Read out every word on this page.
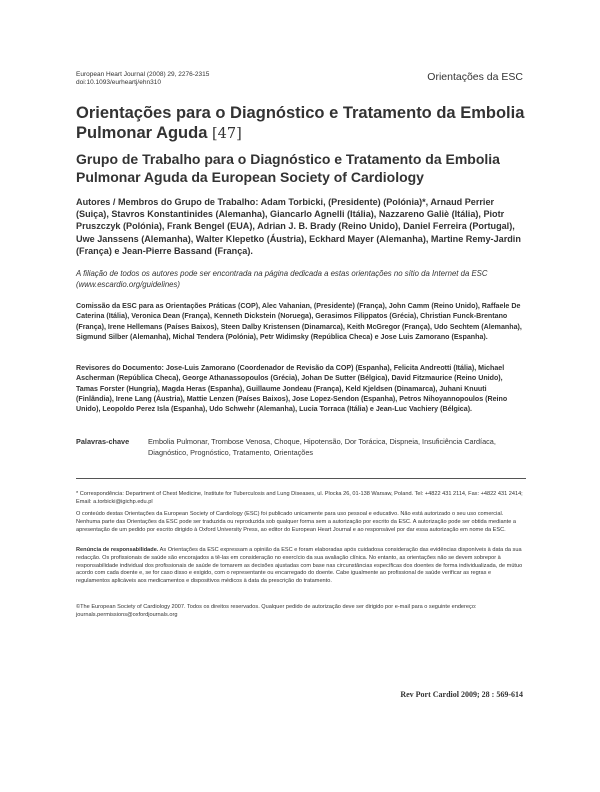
European Heart Journal (2008) 29, 2276-2315
doi:10.1093/eurheartj/ehn310	Orientações da ESC
Orientações para o Diagnóstico e Tratamento da Embolia Pulmonar Aguda [47]
Grupo de Trabalho para o Diagnóstico e Tratamento da Embolia Pulmonar Aguda da European Society of Cardiology

Autores / Membros do Grupo de Trabalho: Adam Torbicki, (Presidente) (Polónia)*, Arnaud Perrier (Suiça), Stavros Konstantinides (Alemanha), Giancarlo Agnelli (Itália), Nazzareno Galiè (Itália), Piotr Pruszczyk (Polónia), Frank Bengel (EUA), Adrian J. B. Brady (Reino Unido), Daniel Ferreira (Portugal), Uwe Janssens (Alemanha), Walter Klepetko (Áustria), Eckhard Mayer (Alemanha), Martine Remy-Jardin (França) e Jean-Pierre Bassand (França).

A filiação de todos os autores pode ser encontrada na página dedicada a estas orientações no sítio da Internet da ESC (www.escardio.org/guidelines)

Comissão da ESC para as Orientações Práticas (COP), Alec Vahanian, (Presidente) (França), John Camm (Reino Unido), Raffaele De Caterina (Itália), Veronica Dean (França), Kenneth Dickstein (Noruega), Gerasimos Filippatos (Grécia), Christian Funck-Brentano (França), Irene Hellemans (Países Baixos), Steen Dalby Kristensen (Dinamarca), Keith McGregor (França), Udo Sechtem (Alemanha), Sigmund Silber (Alemanha), Michal Tendera (Polónia), Petr Widimsky (República Checa) e Jose Luis Zamorano (Espanha).

Revisores do Documento: Jose-Luis Zamorano (Coordenador de Revisão da COP) (Espanha), Felicita Andreotti (Itália), Michael Ascherman (República Checa), George Athanassopoulos (Grécia), Johan De Sutter (Bélgica), David Fitzmaurice (Reino Unido), Tamas Forster (Hungria), Magda Heras (Espanha), Guillaume Jondeau (França), Keld Kjeldsen (Dinamarca), Juhani Knuuti (Finlândia), Irene Lang (Áustria), Mattie Lenzen (Países Baixos), Jose Lopez-Sendon (Espanha), Petros Nihoyannopoulos (Reino Unido), Leopoldo Perez Isla (Espanha), Udo Schwehr (Alemanha), Lucia Torraca (Itália) e Jean-Luc Vachiery (Bélgica).

Palavras-chave	Embolia Pulmonar, Trombose Venosa, Choque, Hipotensão, Dor Torácica, Dispneia, Insuficiência Cardíaca, Diagnóstico, Prognóstico, Tratamento, Orientações

* Correspondência: Department of Chest Medicine, Institute for Tuberculosis and Lung Diseases, ul. Plocka 26, 01-138 Warsaw, Poland. Tel: +4822 431 2114, Fax: +4822 431 2414; Email: a.torbicki@igichp.edu.pl

O conteúdo destas Orientações da European Society of Cardiology (ESC) foi publicado unicamente para uso pessoal e educativo. Não está autorizado o seu uso comercial. Nenhuma parte das Orientações da ESC pode ser traduzida ou reproduzida sob qualquer forma sem a autorização por escrito da ESC. A autorização pode ser obtida mediante a apresentação de um pedido por escrito dirigido à Oxford University Press, ao editor do European Heart Journal e ao responsável por dar essa autorização em nome da ESC.

Renúncia de responsabilidade. As Orientações da ESC expressam a opinião da ESC e foram elaboradas após cuidadosa consideração das evidências disponíveis à data da sua redacção. Os profissionais de saúde são encorajados a tê-las em consideração no exercício da sua avaliação clínica. No entanto, as orientações não se devem sobrepor à responsabilidade individual dos profissionais de saúde de tomarem as decisões ajustadas com base nas circunstâncias específicas dos doentes de forma individualizada, de mútuo acordo com cada doente e, se for caso disso e exigido, com o representante ou encarregado do doente. Cabe igualmente ao profissional de saúde verificar as regras e regulamentos aplicáveis aos medicamentos e dispositivos médicos à data da prescrição do tratamento.

©The European Society of Cardiology 2007. Todos os direitos reservados. Qualquer pedido de autorização deve ser dirigido por e-mail para o seguinte endereço: journals.permissions@oxfordjournals.org

Rev Port Cardiol 2009; 28 : 569-614
